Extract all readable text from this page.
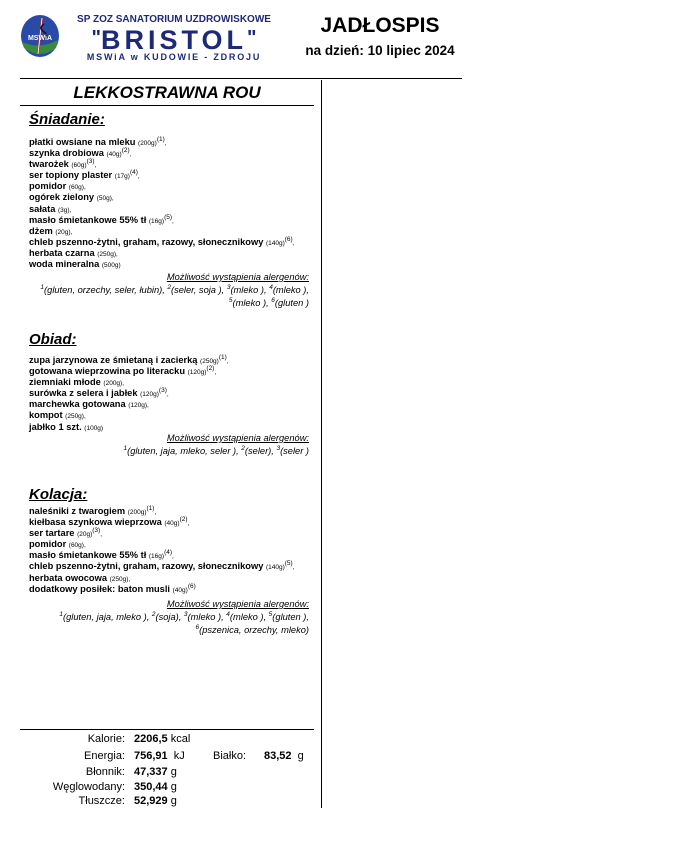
MSWiA
SP ZOZ SANATORIUM UZDROWISKOWE
"BRISTOL"
MSWiA w KUDOWIE - ZDROJU
JADŁOSPIS
na dzień: 10 lipiec 2024
LEKKOSTRAWNA ROU
Śniadanie:
płatki owsiane na mleku $(200g)^{(1)}$,
szynka drobiowa $(40g)^{(2)}$,
twarożek $(60g)^{(3)}$,
ser topiony plaster $(17g)^{(4)}$,
pomidor (60g),
ogórek zielony (50g),
sałata (3g),
masło śmietankowe 55% tł $(16g)^{(5)}$,
dżem (20g),
chleb pszenno-żytni, graham, razowy, słonecznikowy $(140g)^{(6)}$,
herbata czarna (250g),
woda mineralna (500g)
Możliwość wystąpienia alergenów:
$^1$(gluten, orzechy, seler, łubin), $^2$(seler, soja ), $^3$(mleko ), $^4$(mleko ), $^5$(mleko ), $^6$(gluten )
Obiad:
zupa jarzynowa ze śmietaną i zacierką $(250g)^{(1)}$,
gotowana wieprzowina po literacku $(120g)^{(2)}$,
ziemniaki młode (200g),
surówka z selera i jabłek $(120g)^{(3)}$,
marchewka gotowana (120g),
kompot (250g),
jabłko 1 szt. (100g)
Możliwość wystąpienia alergenów:
$^1$(gluten, jaja, mleko, seler ), $^2$(seler), $^3$(seler )
Kolacja:
naleśniki z twarogiem $(200g)^{(1)}$,
kiełbasa szynkowa wieprzowa $(40g)^{(2)}$,
ser tartare $(20g)^{(3)}$,
pomidor (60g),
masło śmietankowe 55% tł $(16g)^{(4)}$,
chleb pszenno-żytni, graham, razowy, słonecznikowy $(140g)^{(5)}$,
herbata owocowa (250g),
dodatkowy posiłek: baton musli $(40g)^{(6)}$
Możliwość wystąpienia alergenów:
$^1$(gluten, jaja, mleko ), $^2$(soja), $^3$(mleko ), $^4$(mleko ), $^5$(gluten ), $^6$(pszenica, orzechy, mleko)
Kalorie: 2206,5 kcal
Energia: 756,91 kJ	Białko: 83,52 g
Błonnik: 47,337 g
Węglowodany: 350,44 g
Tłuszcze: 52,929 g
